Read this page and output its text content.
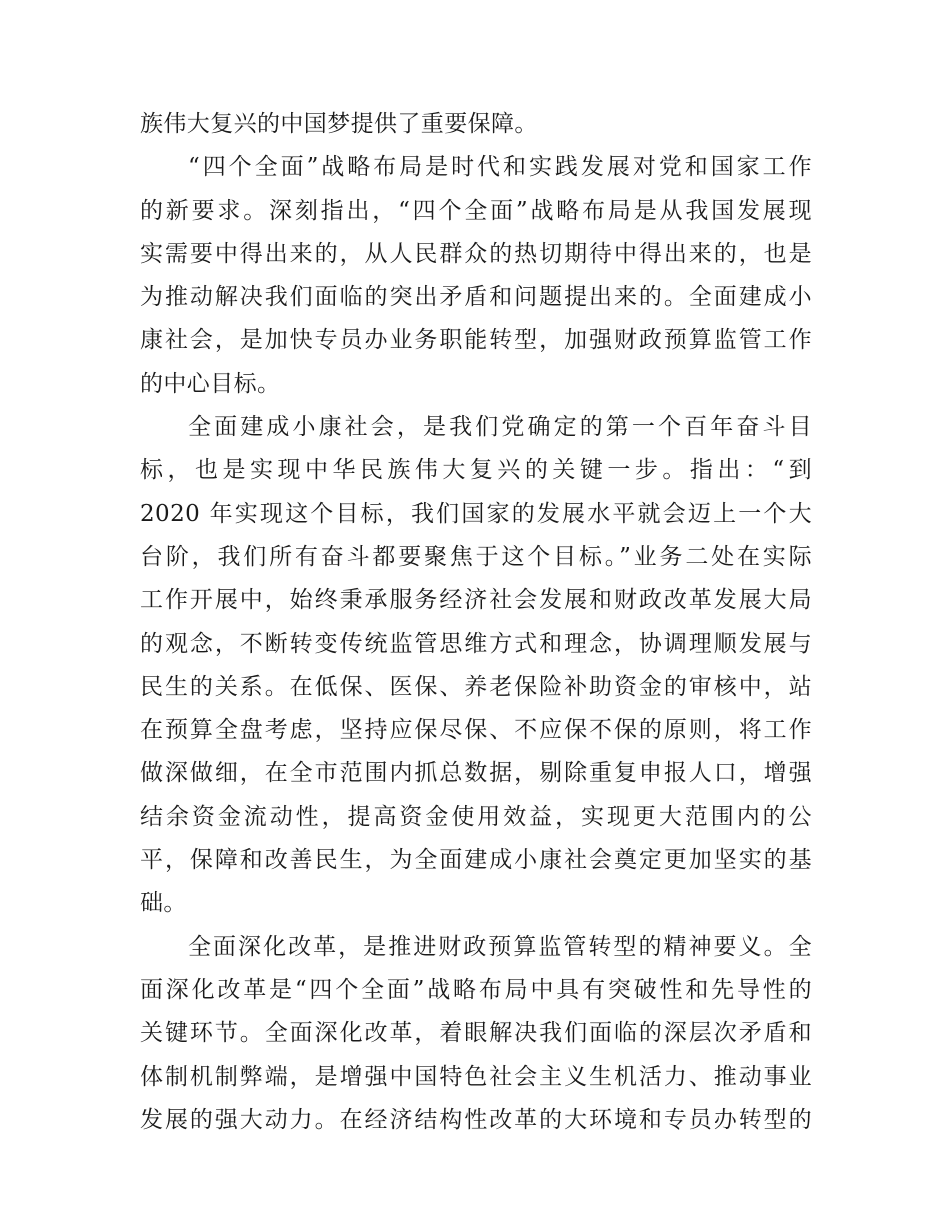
族伟大复兴的中国梦提供了重要保障。
“四个全面”战略布局是时代和实践发展对党和国家工作
的新要求。深刻指出，“四个全面”战略布局是从我国发展现
实需要中得出来的，从人民群众的热切期待中得出来的，也是
为推动解决我们面临的突出矛盾和问题提出来的。全面建成小
康社会，是加快专员办业务职能转型，加强财政预算监管工作
的中心目标。
全面建成小康社会，是我们党确定的第一个百年奋斗目
标，也是实现中华民族伟大复兴的关键一步。指出：“到
2020 年实现这个目标，我们国家的发展水平就会迈上一个大
台阶，我们所有奋斗都要聚焦于这个目标。”业务二处在实际
工作开展中，始终秉承服务经济社会发展和财政改革发展大局
的观念，不断转变传统监管思维方式和理念，协调理顺发展与
民生的关系。在低保、医保、养老保险补助资金的审核中，站
在预算全盘考虑，坚持应保尽保、不应保不保的原则，将工作
做深做细，在全市范围内抓总数据，剔除重复申报人口，增强
结余资金流动性，提高资金使用效益，实现更大范围内的公
平，保障和改善民生，为全面建成小康社会奠定更加坚实的基
础。
全面深化改革，是推进财政预算监管转型的精神要义。全
面深化改革是“四个全面”战略布局中具有突破性和先导性的
关键环节。全面深化改革，着眼解决我们面临的深层次矛盾和
体制机制弊端，是增强中国特色社会主义生机活力、推动事业
发展的强大动力。在经济结构性改革的大环境和专员办转型的
